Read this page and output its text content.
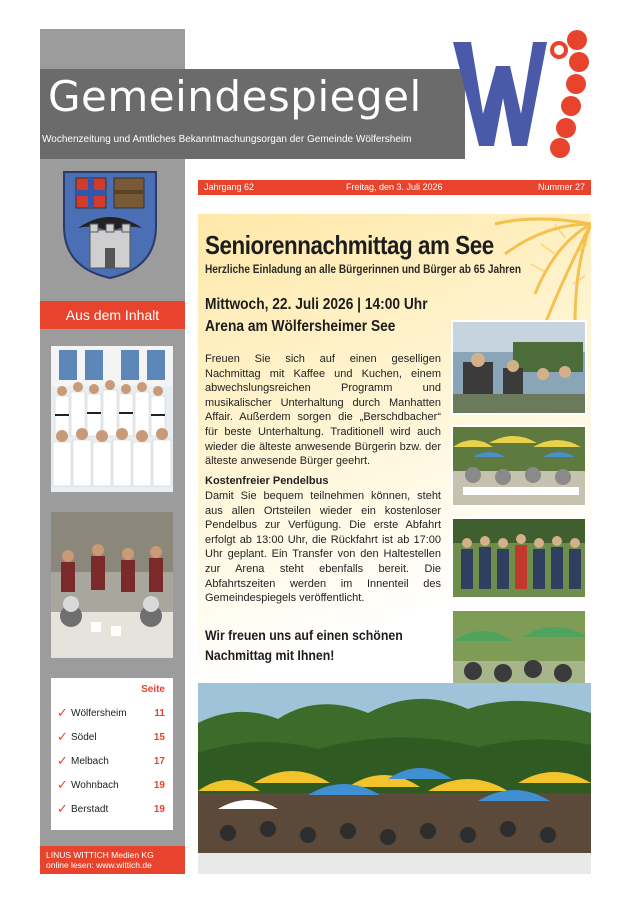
Gemeindespiegel
Wochenzeitung und Amtliches Bekanntmachungsorgan der Gemeinde Wölfersheim
Aus dem Inhalt
Seite
✓ Wölfersheim	11
✓ Södel	15
✓ Melbach	17
✓ Wohnbach	19
✓ Berstadt	19
LINUS WITTICH Medien KG
online lesen: www.wittich.de
Jahrgang 62	Freitag, den 3. Juli 2026	Nummer 27
Seniorennachmittag am See
Herzliche Einladung an alle Bürgerinnen und Bürger ab 65 Jahren
Mittwoch, 22. Juli 2026 | 14:00 Uhr
Arena am Wölfersheimer See
Freuen Sie sich auf einen geselligen Nachmittag mit Kaffee und Kuchen, einem abwechslungsreichen Programm und musikalischer Unterhaltung durch Manhatten Affair. Außerdem sorgen die „Berschdbacher“ für beste Unterhaltung. Traditionell wird auch wieder die älteste anwesende Bürgerin bzw. der älteste anwesende Bürger geehrt.
Kostenfreier Pendelbus
Damit Sie bequem teilnehmen können, steht aus allen Ortsteilen wieder ein kostenloser Pendelbus zur Verfügung. Die erste Abfahrt erfolgt ab 13:00 Uhr, die Rückfahrt ist ab 17:00 Uhr geplant. Ein Transfer von den Haltestellen zur Arena steht ebenfalls bereit. Die Abfahrtszeiten werden im Innenteil des Gemeindespiegels veröffentlicht.
Wir freuen uns auf einen schönen Nachmittag mit Ihnen!
